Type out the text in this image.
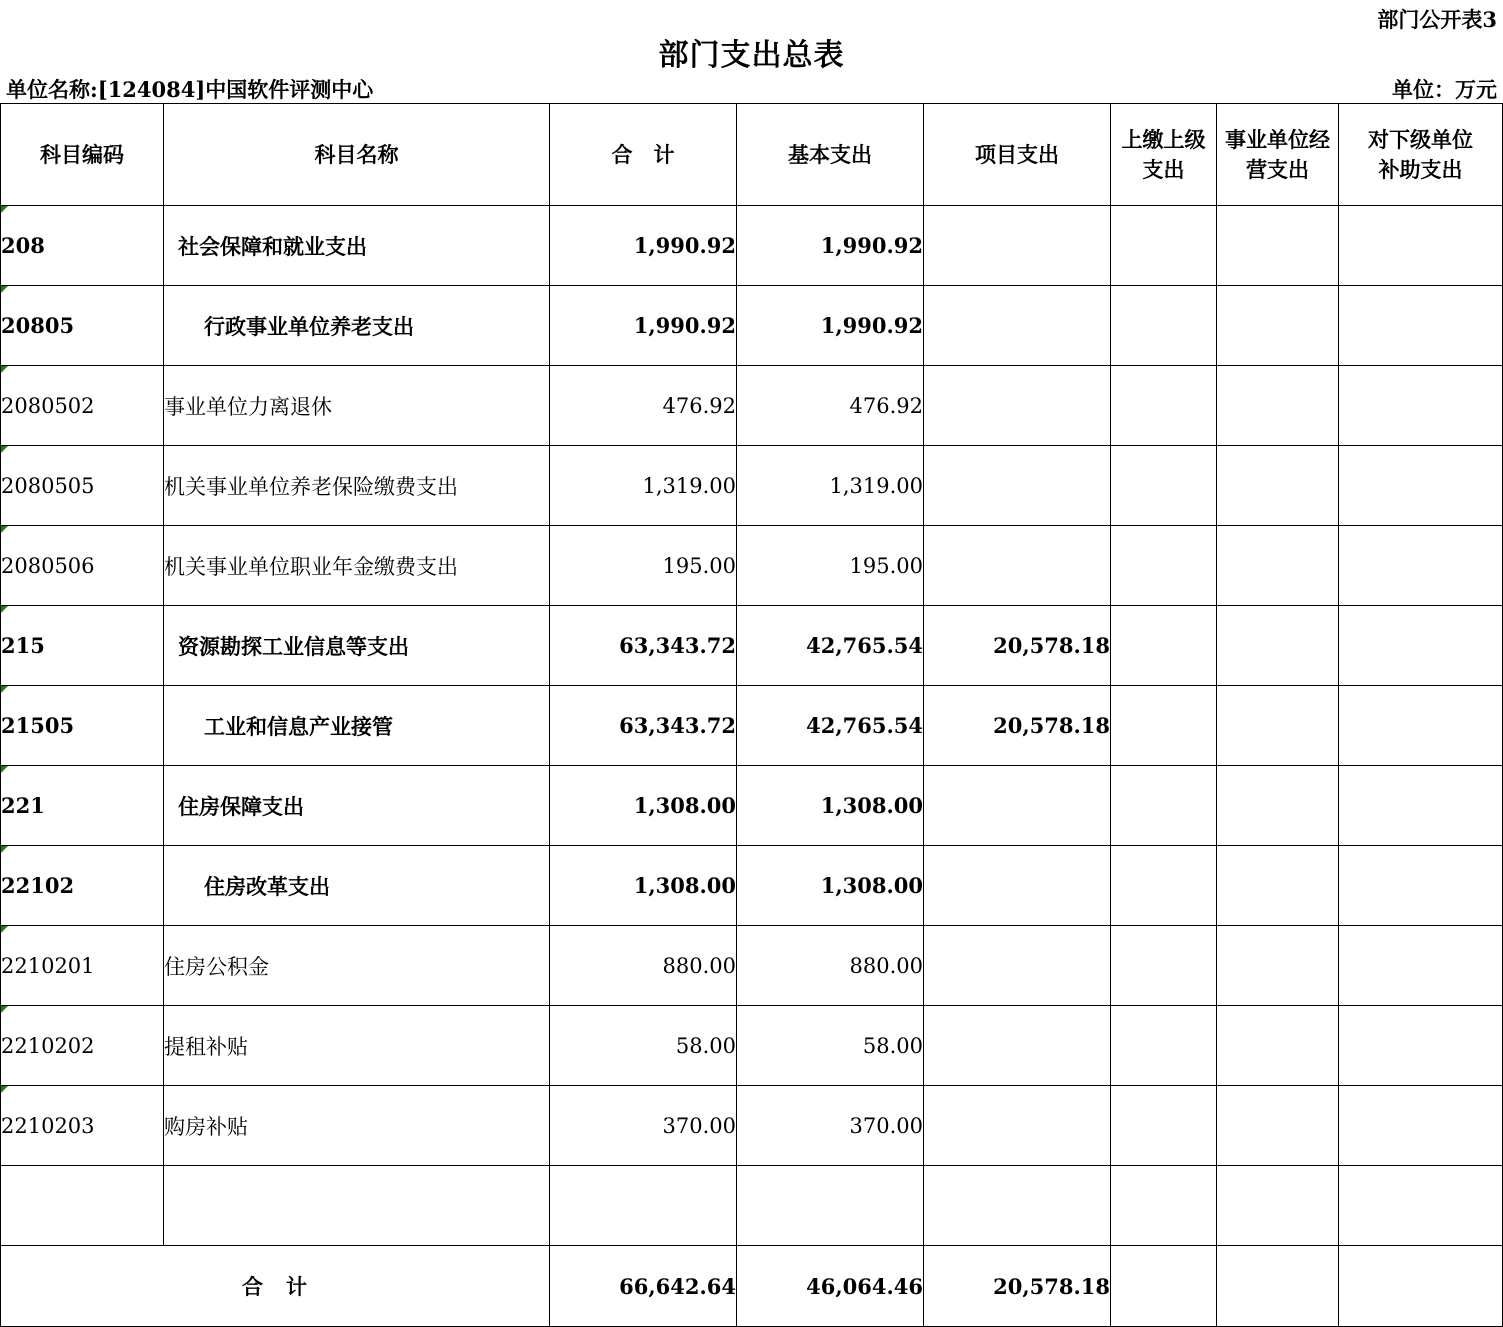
部门公开表3
部门支出总表
单位名称:[124084]中国软件评测中心	单位：万元
科目编码	科目名称	合　计	基本支出	项目支出	上缴上级支出	事业单位经营支出	对下级单位补助支出

208	社会保障和就业支出	1,990.92	1,990.92				

20805	行政事业单位养老支出	1,990.92	1,990.92				

2080502	事业单位力离退休	476.92	476.92				

2080505	机关事业单位养老保险缴费支出	1,319.00	1,319.00				

2080506	机关事业单位职业年金缴费支出	195.00	195.00				

215	资源勘探工业信息等支出	63,343.72	42,765.54	20,578.18			

21505	工业和信息产业接管	63,343.72	42,765.54	20,578.18			

221	住房保障支出	1,308.00	1,308.00				

22102	住房改革支出	1,308.00	1,308.00				

2210201	住房公积金	880.00	880.00				

2210202	提租补贴	58.00	58.00				

2210203	购房补贴	370.00	370.00				

合　计		66,642.64	46,064.46	20,578.18			
